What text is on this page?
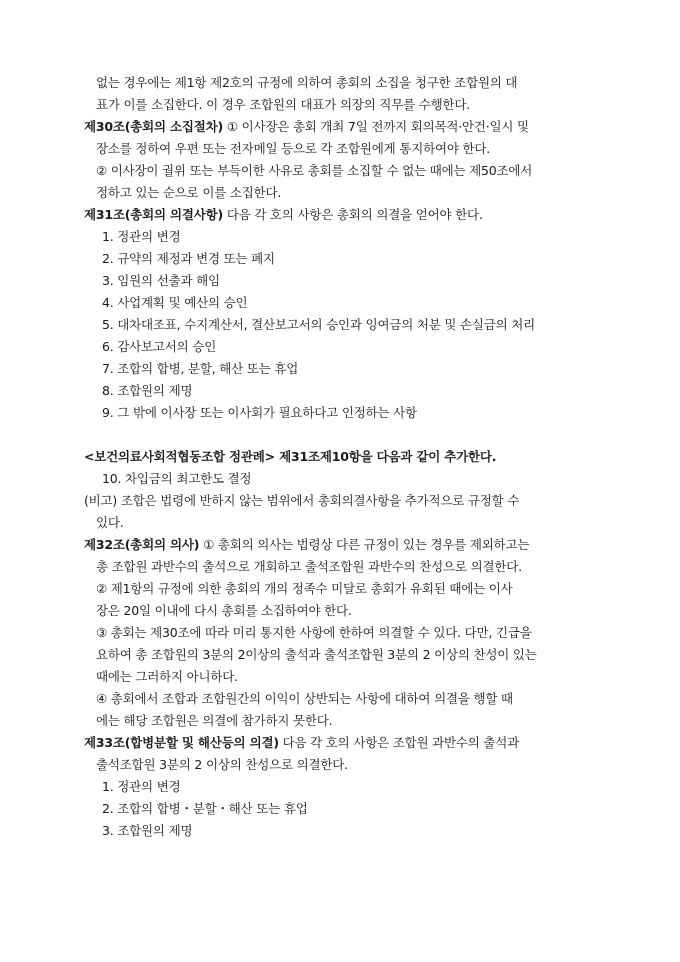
없는 경우에는 제1항 제2호의 규정에 의하여 총회의 소집을 청구한 조합원의 대
표가 이를 소집한다. 이 경우 조합원의 대표가 의장의 직무를 수행한다.
제30조(총회의 소집절차) ① 이사장은 총회 개최 7일 전까지 회의목적·안건·일시 및
장소를 정하여 우편 또는 전자메일 등으로 각 조합원에게 통지하여야 한다.
② 이사장이 궐위 또는 부득이한 사유로 총회를 소집할 수 없는 때에는 제50조에서
정하고 있는 순으로 이를 소집한다.
제31조(총회의 의결사항) 다음 각 호의 사항은 총회의 의결을 얻어야 한다.
1. 정관의 변경
2. 규약의 제정과 변경 또는 폐지
3. 임원의 선출과 해임
4. 사업계획 및 예산의 승인
5. 대차대조표, 수지계산서, 결산보고서의 승인과 잉여금의 처분 및 손실금의 처리
6. 감사보고서의 승인
7. 조합의 합병, 분할, 해산 또는 휴업
8. 조합원의 제명
9. 그 밖에 이사장 또는 이사회가 필요하다고 인정하는 사항
<보건의료사회적협동조합 정관례> 제31조제10항을 다음과 같이 추가한다.
10. 차입금의 최고한도 결정
(비고) 조합은 법령에 반하지 않는 범위에서 총회의결사항을 추가적으로 규정할 수
있다.
제32조(총회의 의사) ① 총회의 의사는 법령상 다른 규정이 있는 경우를 제외하고는
총 조합원 과반수의 출석으로 개회하고 출석조합원 과반수의 찬성으로 의결한다.
② 제1항의 규정에 의한 총회의 개의 정족수 미달로 총회가 유회된 때에는 이사
장은 20일 이내에 다시 총회를 소집하여야 한다.
③ 총회는 제30조에 따라 미리 통지한 사항에 한하여 의결할 수 있다. 다만, 긴급을
요하여 총 조합원의 3분의 2이상의 출석과 출석조합원 3분의 2 이상의 찬성이 있는
때에는 그러하지 아니하다.
④ 총회에서 조합과 조합원간의 이익이 상반되는 사항에 대하여 의결을 행할 때
에는 해당 조합원은 의결에 참가하지 못한다.
제33조(합병분할 및 해산등의 의결) 다음 각 호의 사항은 조합원 과반수의 출석과
출석조합원 3분의 2 이상의 찬성으로 의결한다.
1. 정관의 변경
2. 조합의 합병・분할・해산 또는 휴업
3. 조합원의 제명
